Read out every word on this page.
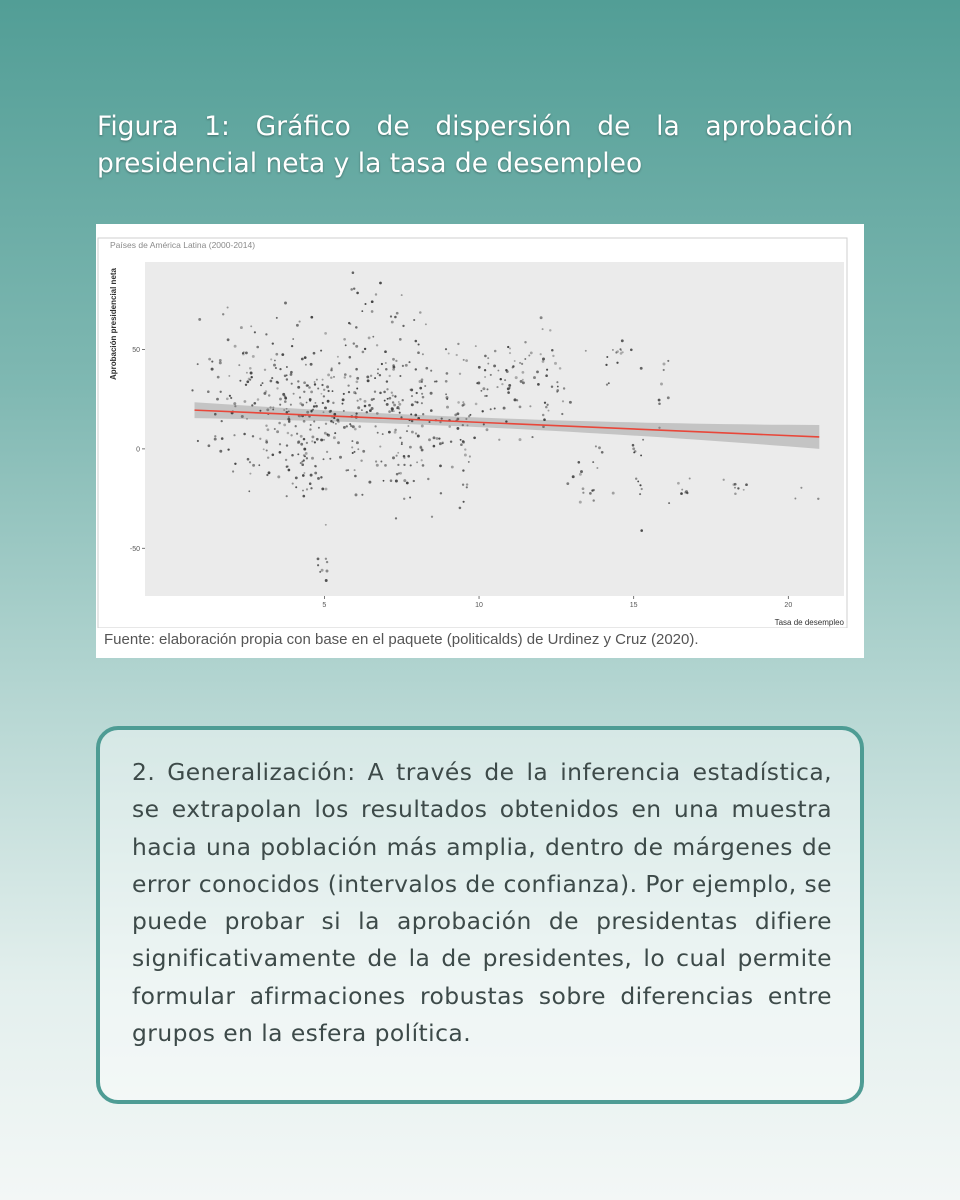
Figura 1: Gráfico de dispersión de la aprobación presidencial neta y la tasa de desempleo
Países de América Latina (2000-2014)
-50
0
50
5	10	15	20
Aprobación presidencial neta
Tasa de desempleo
Fuente: elaboración propia con base en el paquete (politicalds) de Urdinez y Cruz (2020).

2. Generalización: A través de la inferencia estadística, se extrapolan los resultados obtenidos en una muestra hacia una población más amplia, dentro de márgenes de error conocidos (intervalos de confianza). Por ejemplo, se puede probar si la aprobación de presidentas difiere significativamente de la de presidentes, lo cual permite formular afirmaciones robustas sobre diferencias entre grupos en la esfera política.
